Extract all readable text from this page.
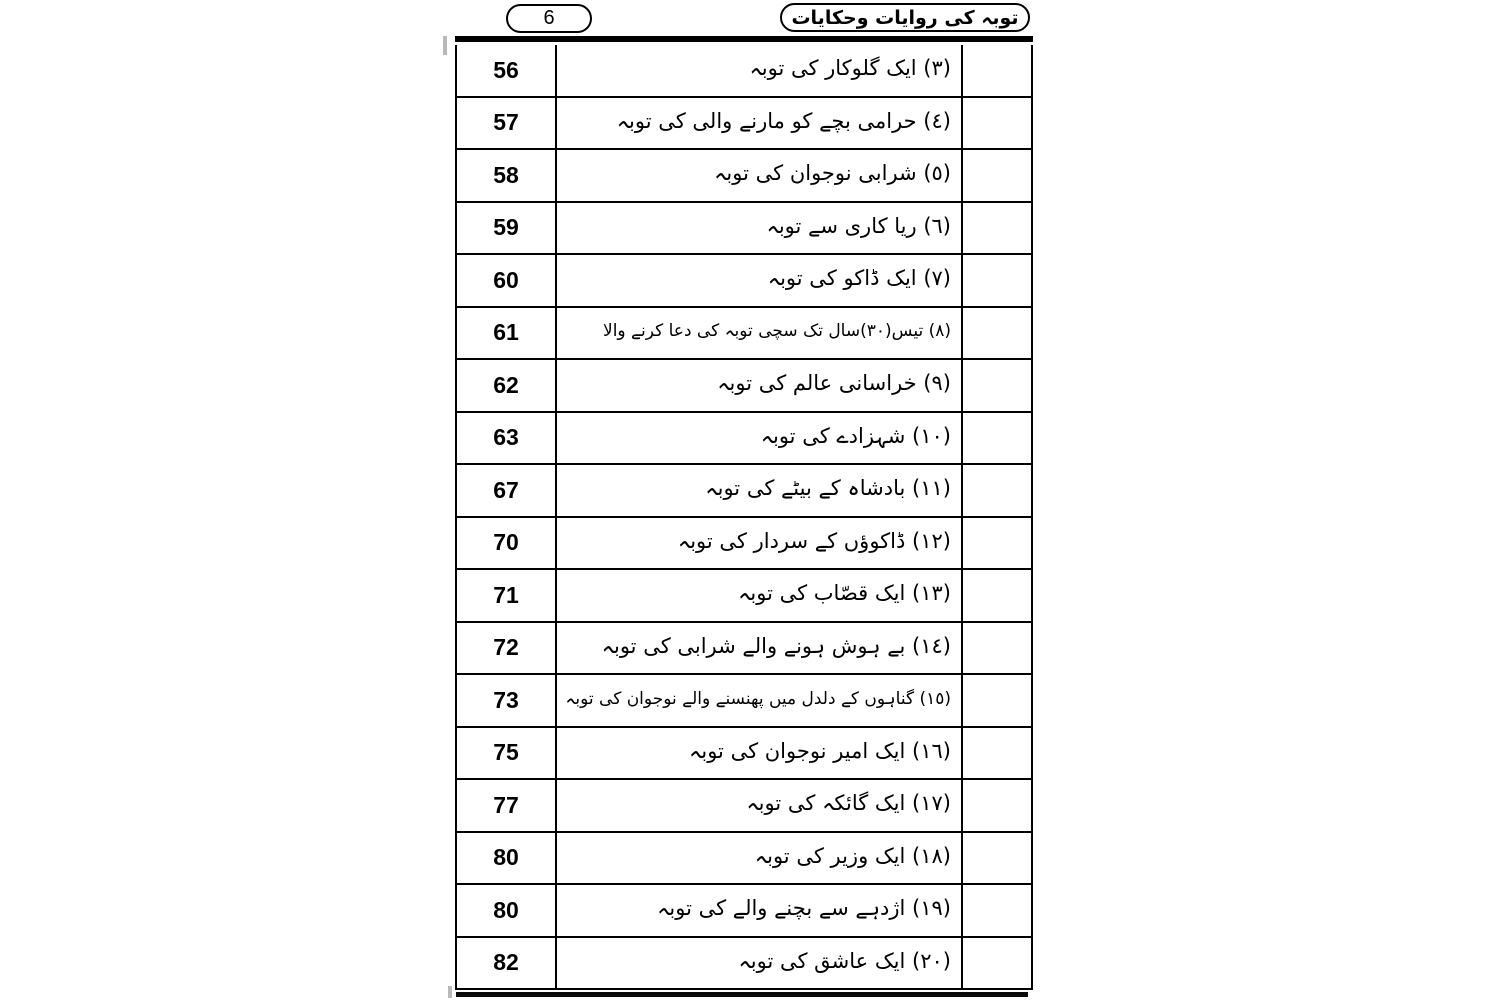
6	توبہ کی روایات وحکایات
56	(٣) ایک گلوکار کی توبہ
57	(٤) حرامی بچے کو مارنے والی کی توبہ
58	(٥) شرابی نوجوان کی توبہ
59	(٦) ریا کاری سے توبہ
60	(٧) ایک ڈاکو کی توبہ
61	(٨) تیس(٣٠)سال تک سچی توبہ کی دعا کرنے والا
62	(٩) خراسانی عالم کی توبہ
63	(١٠) شہزادے کی توبہ
67	(١١) بادشاہ کے بیٹے کی توبہ
70	(١٢) ڈاکوؤں کے سردار کی توبہ
71	(١٣) ایک قصّاب کی توبہ
72	(١٤) بے ہوش ہونے والے شرابی کی توبہ
73	(١٥) گناہوں کے دلدل میں پھنسنے والے نوجوان کی توبہ
75	(١٦) ایک امیر نوجوان کی توبہ
77	(١٧) ایک گائکہ کی توبہ
80	(١٨) ایک وزیر کی توبہ
80	(١٩) اژدہے سے بچنے والے کی توبہ
82	(٢٠) ایک عاشق کی توبہ
